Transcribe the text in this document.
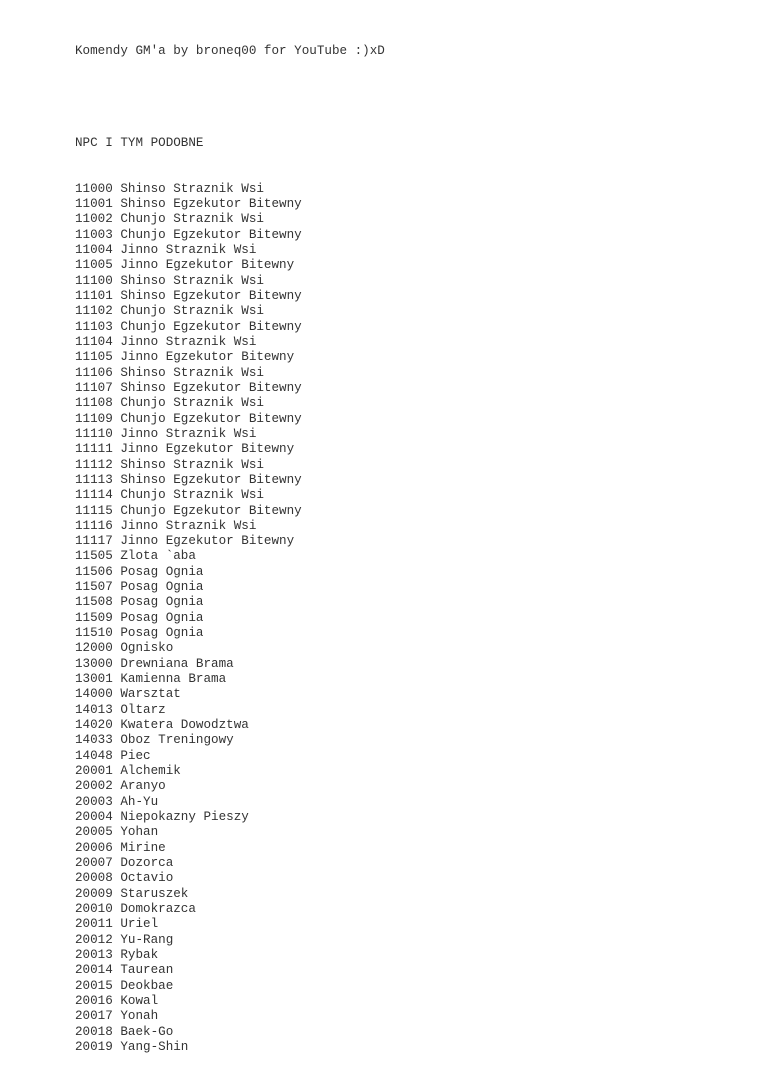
Komendy GM'a by broneq00 for YouTube :)xD

NPC I TYM PODOBNE

11000 Shinso Straznik Wsi
11001 Shinso Egzekutor Bitewny
11002 Chunjo Straznik Wsi
11003 Chunjo Egzekutor Bitewny
11004 Jinno Straznik Wsi
11005 Jinno Egzekutor Bitewny
11100 Shinso Straznik Wsi
11101 Shinso Egzekutor Bitewny
11102 Chunjo Straznik Wsi
11103 Chunjo Egzekutor Bitewny
11104 Jinno Straznik Wsi
11105 Jinno Egzekutor Bitewny
11106 Shinso Straznik Wsi
11107 Shinso Egzekutor Bitewny
11108 Chunjo Straznik Wsi
11109 Chunjo Egzekutor Bitewny
11110 Jinno Straznik Wsi
11111 Jinno Egzekutor Bitewny
11112 Shinso Straznik Wsi
11113 Shinso Egzekutor Bitewny
11114 Chunjo Straznik Wsi
11115 Chunjo Egzekutor Bitewny
11116 Jinno Straznik Wsi
11117 Jinno Egzekutor Bitewny
11505 Zlota `aba
11506 Posag Ognia
11507 Posag Ognia
11508 Posag Ognia
11509 Posag Ognia
11510 Posag Ognia
12000 Ognisko
13000 Drewniana Brama
13001 Kamienna Brama
14000 Warsztat
14013 Oltarz
14020 Kwatera Dowodztwa
14033 Oboz Treningowy
14048 Piec
20001 Alchemik
20002 Aranyo
20003 Ah-Yu
20004 Niepokazny Pieszy
20005 Yohan
20006 Mirine
20007 Dozorca
20008 Octavio
20009 Staruszek
20010 Domokrazca
20011 Uriel
20012 Yu-Rang
20013 Rybak
20014 Taurean
20015 Deokbae
20016 Kowal
20017 Yonah
20018 Baek-Go
20019 Yang-Shin
